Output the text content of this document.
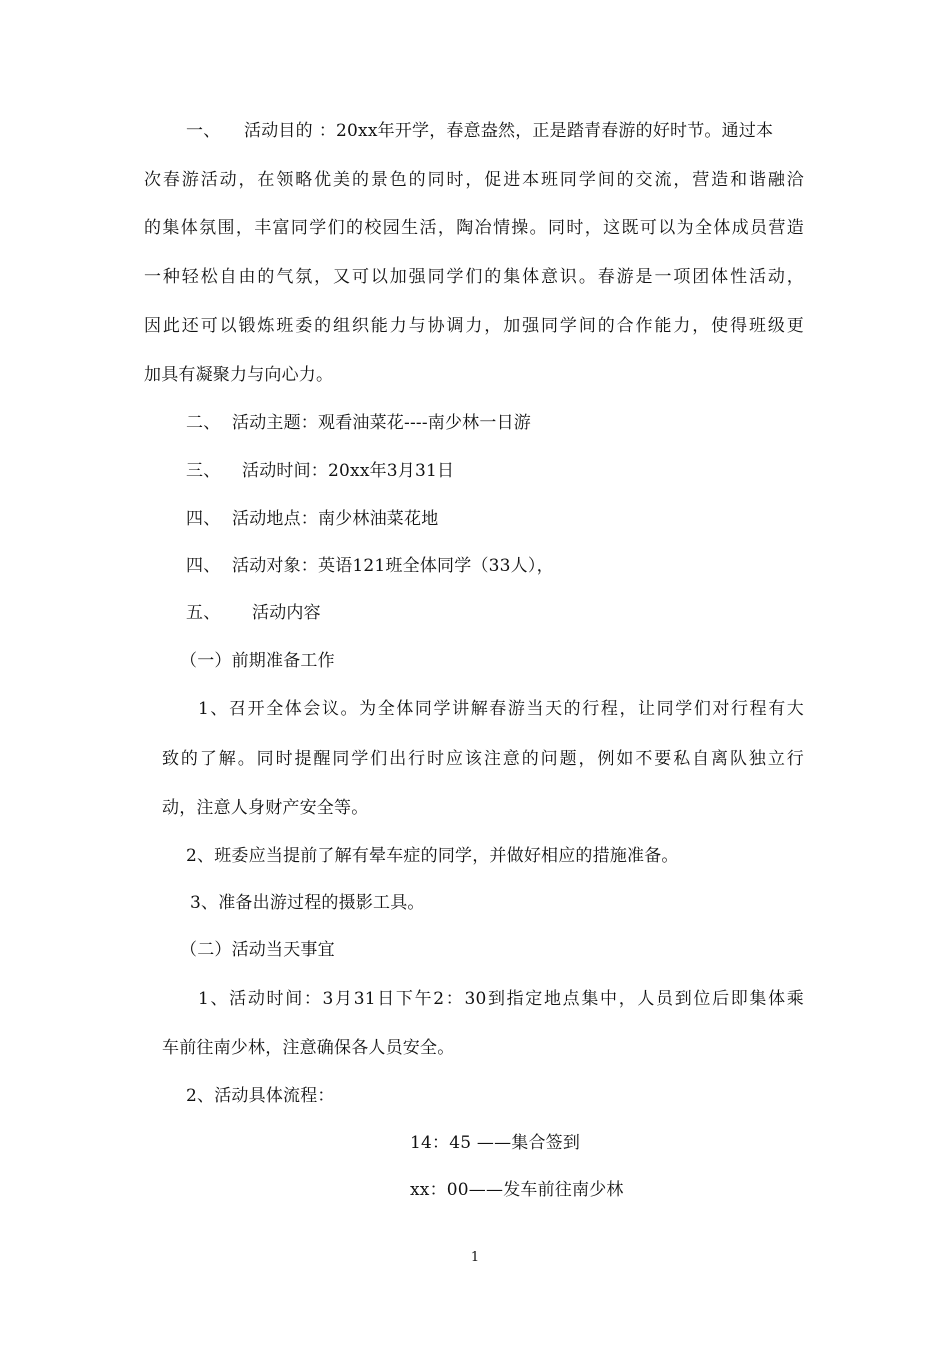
一、 活动目的 ：20xx年开学，春意盎然，正是踏青春游的好时节。通过本
次春游活动，在领略优美的景色的同时，促进本班同学间的交流，营造和谐融洽
的集体氛围，丰富同学们的校园生活，陶冶情操。同时，这既可以为全体成员营造
一种轻松自由的气氛，又可以加强同学们的集体意识。春游是一项团体性活动，
因此还可以锻炼班委的组织能力与协调力，加强同学间的合作能力，使得班级更
加具有凝聚力与向心力。
二、 活动主题：观看油菜花----南少林一日游
三、 活动时间：20xx年3月31日
四、 活动地点：南少林油菜花地
四、 活动对象：英语121班全体同学（33人），
五、 活动内容
（一）前期准备工作
1、召开全体会议。为全体同学讲解春游当天的行程，让同学们对行程有大
致的了解。同时提醒同学们出行时应该注意的问题，例如不要私自离队独立行
动，注意人身财产安全等。
2、班委应当提前了解有晕车症的同学，并做好相应的措施准备。
3、准备出游过程的摄影工具。
（二）活动当天事宜
1、活动时间：3月31日下午2：30到指定地点集中，人员到位后即集体乘
车前往南少林，注意确保各人员安全。
2、活动具体流程：
14：45 ——集合签到
xx：00——发车前往南少林
1
